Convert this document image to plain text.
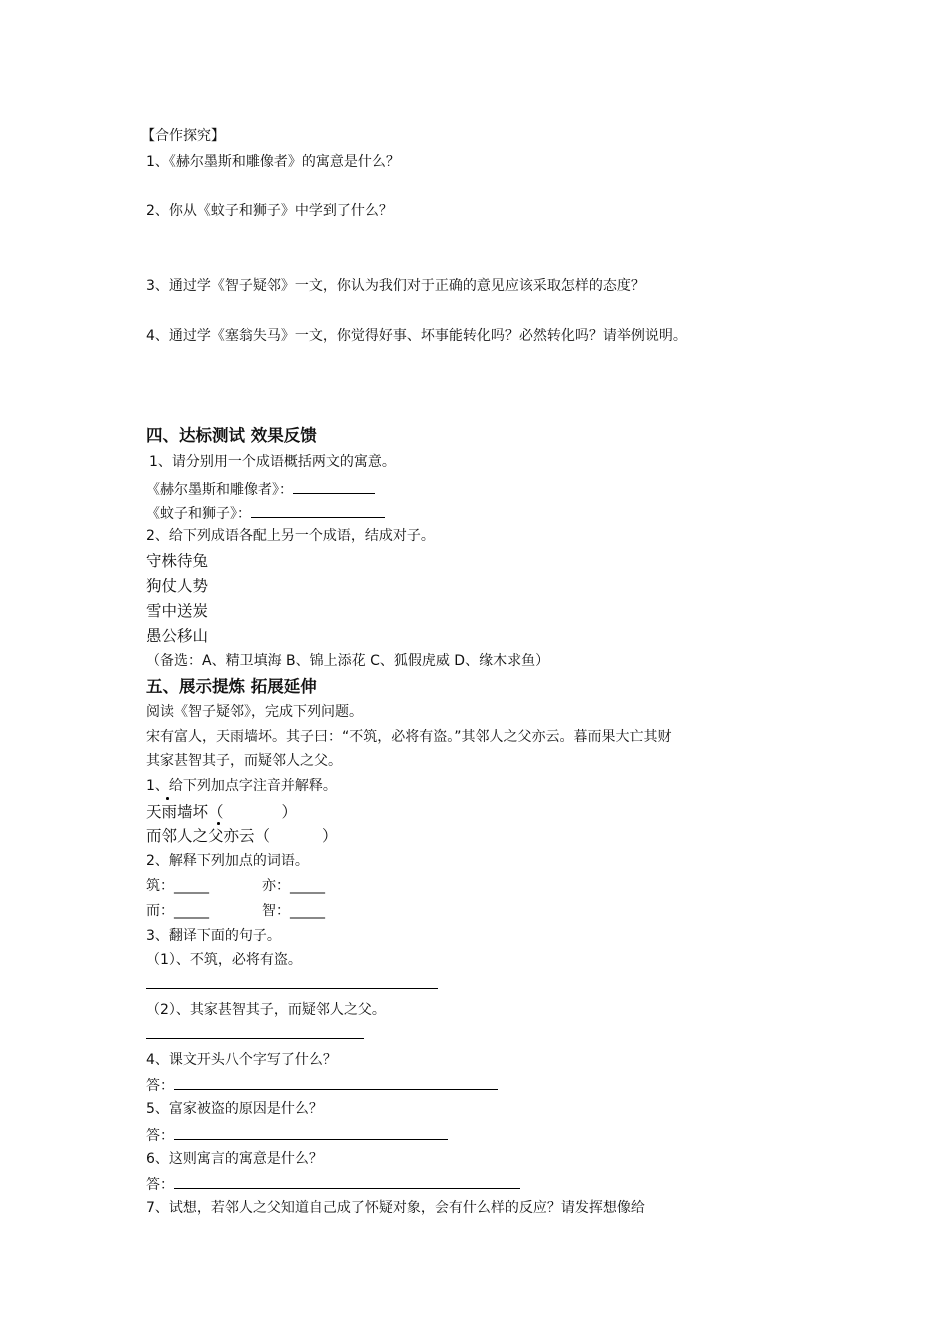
【合作探究】
1、《赫尔墨斯和雕像者》的寓意是什么？
2、你从《蚊子和狮子》中学到了什么？
3、通过学《智子疑邻》一文，你认为我们对于正确的意见应该采取怎样的态度？
4、通过学《塞翁失马》一文，你觉得好事、坏事能转化吗？必然转化吗？请举例说明。
四、达标测试 效果反馈
1、请分别用一个成语概括两文的寓意。
《赫尔墨斯和雕像者》：
《蚊子和狮子》：
2、给下列成语各配上另一个成语，结成对子。
守株待兔
狗仗人势
雪中送炭
愚公移山
（备选：A、精卫填海 B、锦上添花 C、狐假虎威 D、缘木求鱼）
五、展示提炼 拓展延伸
阅读《智子疑邻》，完成下列问题。
宋有富人，天雨墙坏。其子曰：“不筑，必将有盗。”其邻人之父亦云。暮而果大亡其财
其家甚智其子，而疑邻人之父。
1、给下列加点字注音并解释。
天雨墙坏（	）
而邻人之父亦云（	）
2、解释下列加点的词语。
筑：_____	亦：_____
而：_____	智：_____
3、翻译下面的句子。
（1）、不筑，必将有盗。
（2）、其家甚智其子，而疑邻人之父。
4、课文开头八个字写了什么？
答：
5、富家被盗的原因是什么？
答：
6、这则寓言的寓意是什么？
答：
7、试想，若邻人之父知道自己成了怀疑对象，会有什么样的反应？请发挥想像给
